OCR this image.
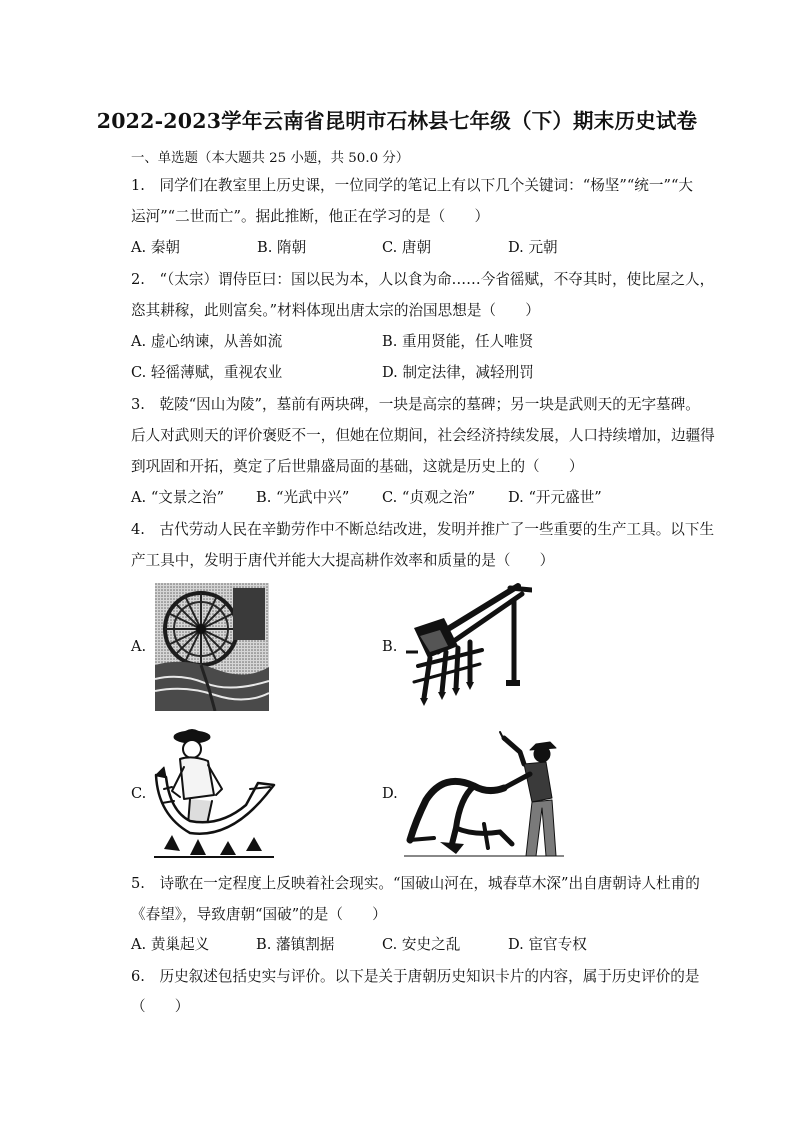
2022-2023学年云南省昆明市石林县七年级（下）期末历史试卷
一、单选题（本大题共 25 小题，共 50.0 分）
1.　同学们在教室里上历史课，一位同学的笔记上有以下几个关键词：“杨坚”“统一”“大
运河”“二世而亡”。据此推断，他正在学习的是（　　）
A. 秦朝	B. 隋朝	C. 唐朝	D. 元朝
2.　“（太宗）谓侍臣曰：国以民为本，人以食为命……今省徭赋，不夺其时，使比屋之人，
恣其耕稼，此则富矣。”材料体现出唐太宗的治国思想是（　　）
A. 虚心纳谏，从善如流	B. 重用贤能，任人唯贤
C. 轻徭薄赋，重视农业	D. 制定法律，减轻刑罚
3.　乾陵“因山为陵”，墓前有两块碑，一块是高宗的墓碑；另一块是武则天的无字墓碑。
后人对武则天的评价褒贬不一，但她在位期间，社会经济持续发展，人口持续增加，边疆得
到巩固和开拓，奠定了后世鼎盛局面的基础，这就是历史上的（　　）
A. “文景之治” B. “光武中兴” C. “贞观之治” D. “开元盛世”
4.　古代劳动人民在辛勤劳作中不断总结改进，发明并推广了一些重要的生产工具。以下生
产工具中，发明于唐代并能大大提高耕作效率和质量的是（　　）
A.	B.
C.	D.
5.　诗歌在一定程度上反映着社会现实。“国破山河在，城春草木深”出自唐朝诗人杜甫的
《春望》，导致唐朝“国破”的是（　　）
A. 黄巢起义	B. 藩镇割据	C. 安史之乱	D. 宦官专权
6.　历史叙述包括史实与评价。以下是关于唐朝历史知识卡片的内容，属于历史评价的是
（　　）
